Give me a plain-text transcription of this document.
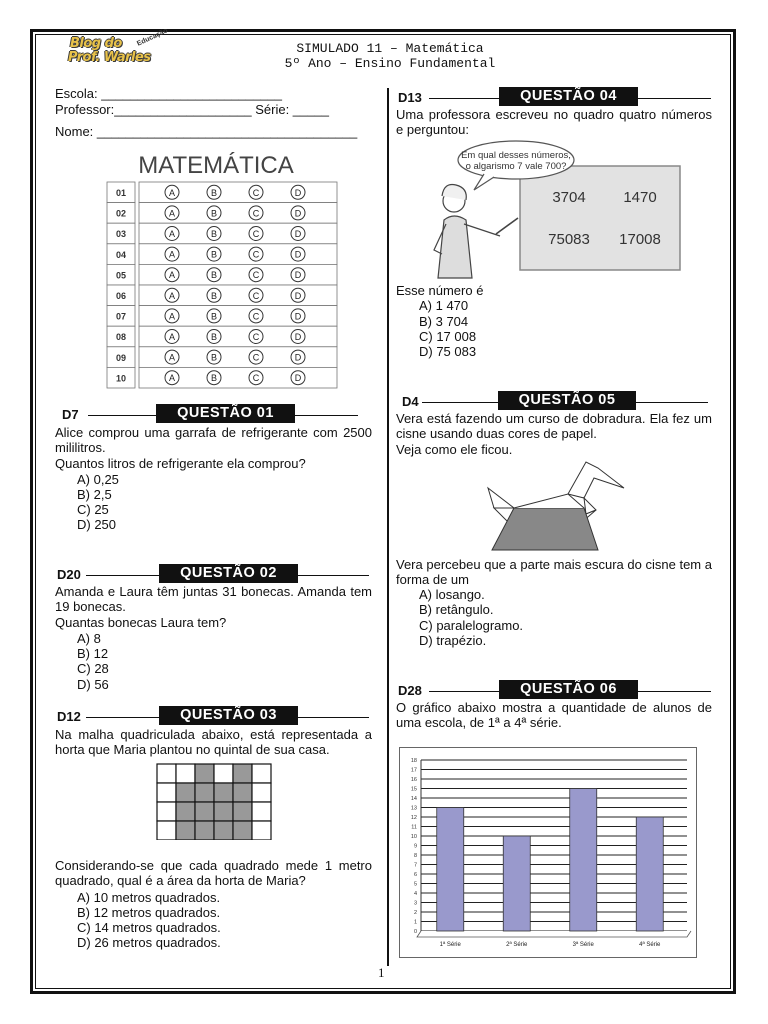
Blog do
Prof. Warles
Educação
SIMULADO 11 – Matemática
5º Ano – Ensino Fundamental
Escola: _________________________
Professor:___________________ Série: _____
Nome: ____________________________________
MATEMÁTICA
01	A	B	C	D
02	A	B	C	D
03	A	B	C	D
04	A	B	C	D
05	A	B	C	D
06	A	B	C	D
07	A	B	C	D
08	A	B	C	D
09	A	B	C	D
10	A	B	C	D
D7	QUESTÃO 01
Alice comprou uma garrafa de refrigerante com 2500 mililitros.
Quantos litros de refrigerante ela comprou?
A) 0,25
B) 2,5
C) 25
D) 250
D20	QUESTÃO 02
Amanda e Laura têm juntas 31 bonecas. Amanda tem 19 bonecas.
Quantas bonecas Laura tem?
A) 8
B) 12
C) 28
D) 56
D12	QUESTÃO 03
Na malha quadriculada abaixo, está representada a horta que Maria plantou no quintal de sua casa.
Considerando-se que cada quadrado mede 1 metro quadrado, qual é a área da horta de Maria?
A) 10 metros quadrados.
B) 12 metros quadrados.
C) 14 metros quadrados.
D) 26 metros quadrados.
D13	QUESTÃO 04
Uma professora escreveu no quadro quatro números e perguntou:
3704	1470
75083 17008
Em qual desses números,
o algarismo 7 vale 700?
Esse número é
A) 1 470
B) 3 704
C) 17 008
D) 75 083
D4	QUESTÃO 05
Vera está fazendo um curso de dobradura. Ela fez um cisne usando duas cores de papel.
Veja como ele ficou.
Vera percebeu que a parte mais escura do cisne tem a forma de um
A) losango.
B) retângulo.
C) paralelogramo.
D) trapézio.
D28	QUESTÃO 06
O gráfico abaixo mostra a quantidade de alunos de uma escola, de 1ª a 4ª série.
0
1
2
3
4
5
6
7
8
9
10
11
12
13
14
15
16
17
18
1ª Série	2ª Série	3ª Série	4ª Série
1
